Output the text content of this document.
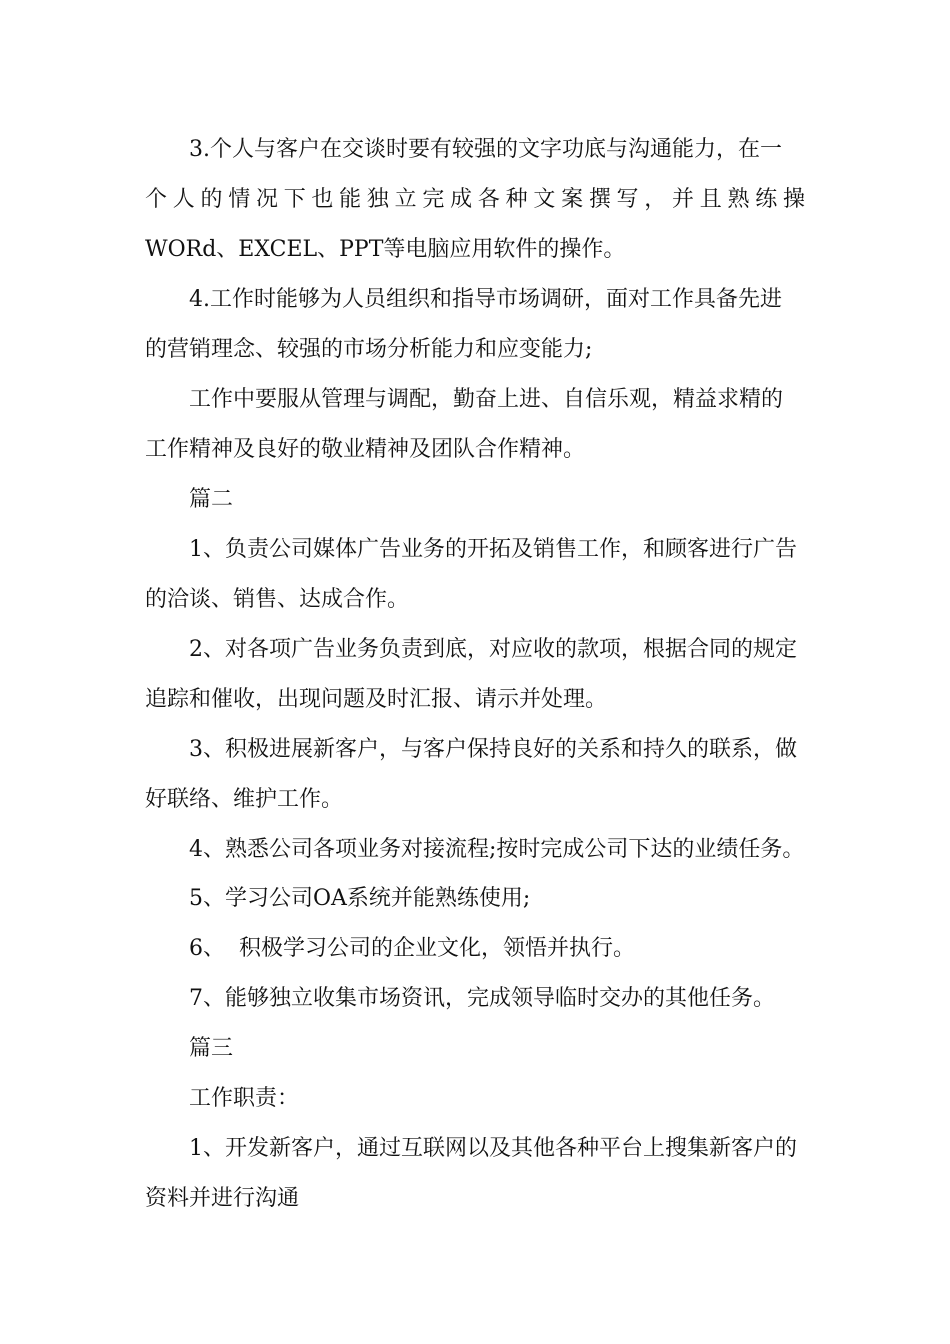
3.个人与客户在交谈时要有较强的文字功底与沟通能力，在一

个人的情况下也能独立完成各种文案撰写，并且熟练操

WORd、EXCEL、PPT等电脑应用软件的操作。

4.工作时能够为人员组织和指导市场调研，面对工作具备先进

的营销理念、较强的市场分析能力和应变能力;

工作中要服从管理与调配，勤奋上进、自信乐观，精益求精的

工作精神及良好的敬业精神及团队合作精神。

篇二

1、负责公司媒体广告业务的开拓及销售工作，和顾客进行广告

的洽谈、销售、达成合作。

2、对各项广告业务负责到底，对应收的款项，根据合同的规定

追踪和催收，出现问题及时汇报、请示并处理。

3、积极进展新客户，与客户保持良好的关系和持久的联系，做

好联络、维护工作。

4、熟悉公司各项业务对接流程;按时完成公司下达的业绩任务。

5、学习公司OA系统并能熟练使用;

6、  积极学习公司的企业文化，领悟并执行。

7、能够独立收集市场资讯，完成领导临时交办的其他任务。

篇三

工作职责：

1、开发新客户，通过互联网以及其他各种平台上搜集新客户的

资料并进行沟通
